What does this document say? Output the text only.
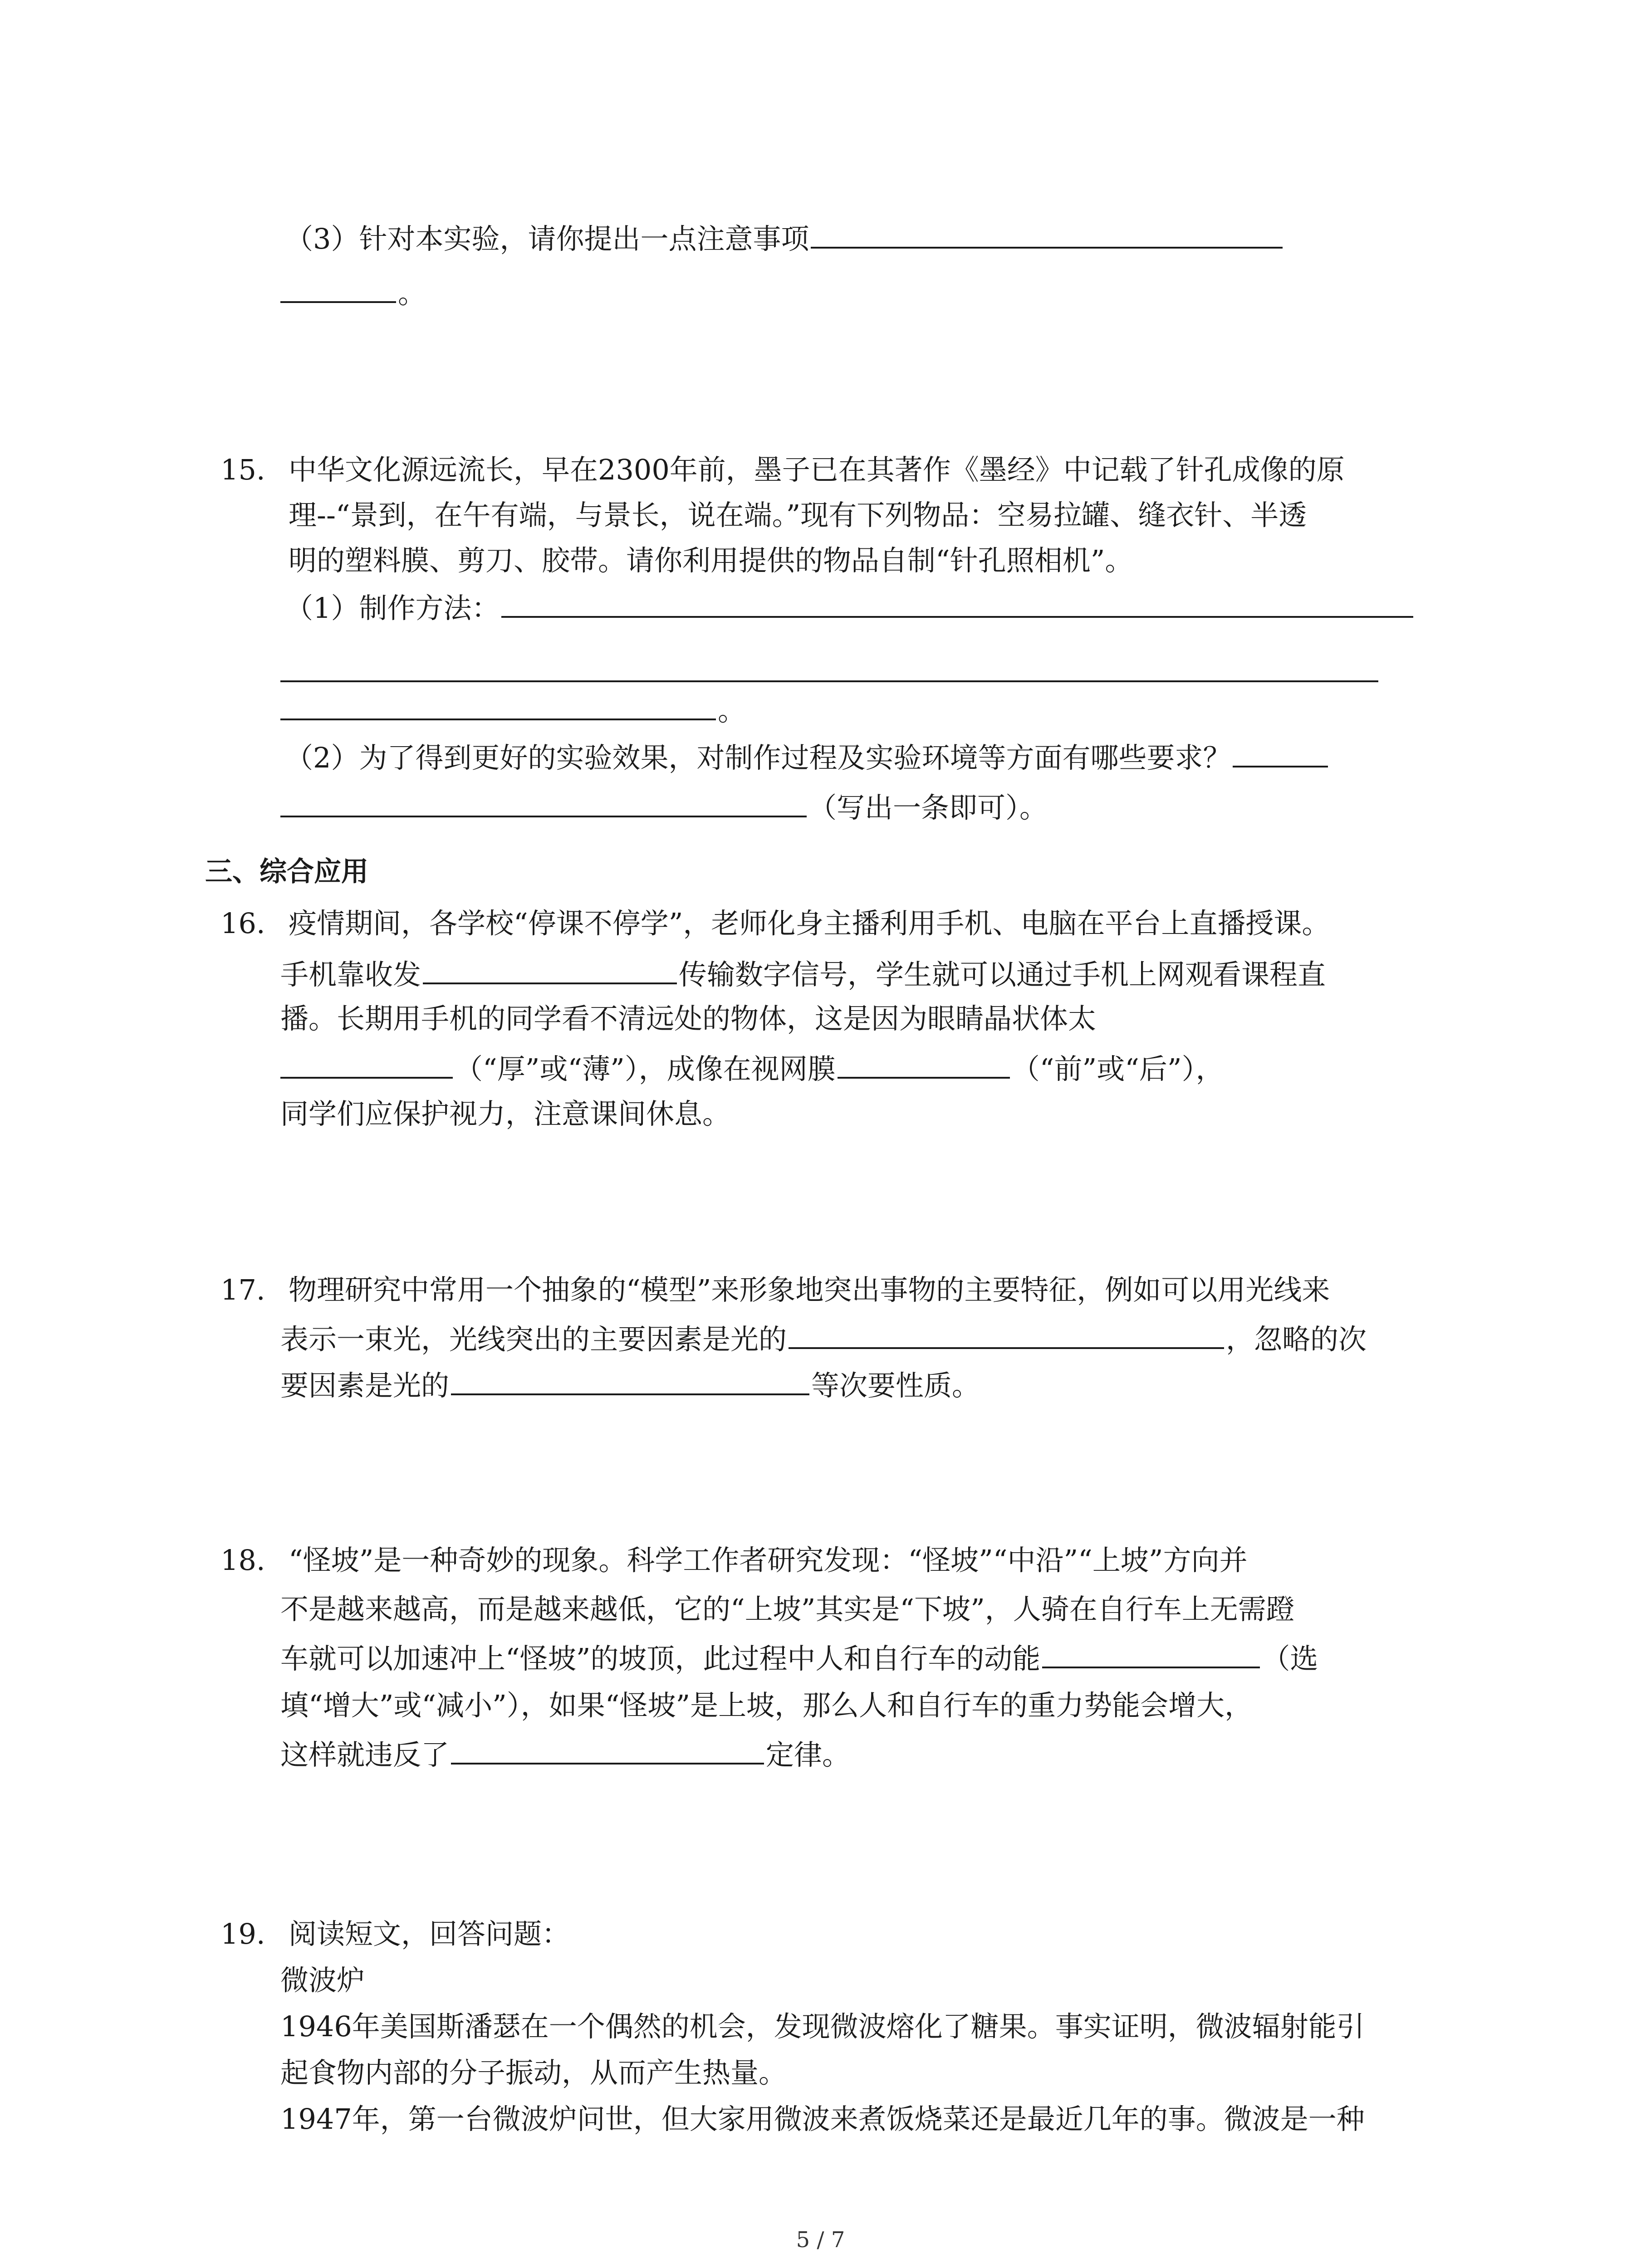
（3）针对本实验，请你提出一点注意事项
。
15. 中华文化源远流长，早在2300年前，墨子已在其著作《墨经》中记载了针孔成像的原
理--“景到，在午有端，与景长，说在端。”现有下列物品：空易拉罐、缝衣针、半透
明的塑料膜、剪刀、胶带。请你利用提供的物品自制“针孔照相机”。
（1）制作方法：
。
（2）为了得到更好的实验效果，对制作过程及实验环境等方面有哪些要求？
（写出一条即可）。
三、综合应用
16. 疫情期间，各学校“停课不停学”，老师化身主播利用手机、电脑在平台上直播授课。
手机靠收发	传输数字信号，学生就可以通过手机上网观看课程直
播。长期用手机的同学看不清远处的物体，这是因为眼睛晶状体太
（“厚”或“薄”），成像在视网膜	（“前”或“后”），
同学们应保护视力，注意课间休息。
17. 物理研究中常用一个抽象的“模型”来形象地突出事物的主要特征，例如可以用光线来
表示一束光，光线突出的主要因素是光的	，忽略的次
要因素是光的	等次要性质。
18. “怪坡”是一种奇妙的现象。科学工作者研究发现：“怪坡”“中沿”“上坡”方向并
不是越来越高，而是越来越低，它的“上坡”其实是“下坡”，人骑在自行车上无需蹬
车就可以加速冲上“怪坡”的坡顶，此过程中人和自行车的动能	（选
填“增大”或“减小”），如果“怪坡”是上坡，那么人和自行车的重力势能会增大，
这样就违反了	定律。
19. 阅读短文，回答问题：
微波炉
1946年美国斯潘瑟在一个偶然的机会，发现微波熔化了糖果。事实证明，微波辐射能引
起食物内部的分子振动，从而产生热量。
1947年，第一台微波炉问世，但大家用微波来煮饭烧菜还是最近几年的事。微波是一种
5 / 7
